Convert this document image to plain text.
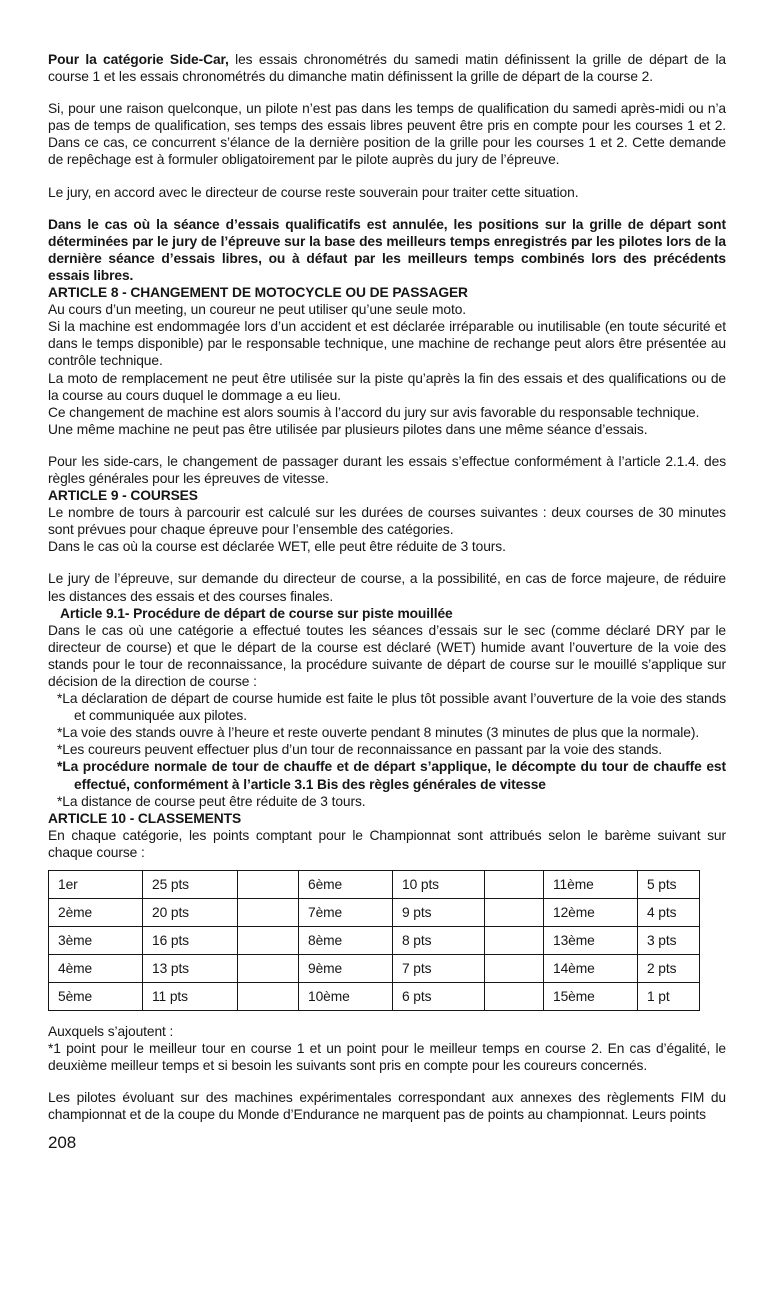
Pour la catégorie Side-Car, les essais chronométrés du samedi matin définissent la grille de départ de la course 1 et les essais chronométrés du dimanche matin définissent la grille de départ de la course 2.

Si, pour une raison quelconque, un pilote n’est pas dans les temps de qualification du samedi après-midi ou n’a pas de temps de qualification, ses temps des essais libres peuvent être pris en compte pour les courses 1 et 2. Dans ce cas, ce concurrent s’élance de la dernière position de la grille pour les courses 1 et 2. Cette demande de repêchage est à formuler obligatoirement par le pilote auprès du jury de l’épreuve.

Le jury, en accord avec le directeur de course reste souverain pour traiter cette situation.

Dans le cas où la séance d’essais qualificatifs est annulée, les positions sur la grille de départ sont déterminées par le jury de l’épreuve sur la base des meilleurs temps enregistrés par les pilotes lors de la dernière séance d’essais libres, ou à défaut par les meilleurs temps combinés lors des précédents essais libres.

ARTICLE 8 - CHANGEMENT DE MOTOCYCLE OU DE PASSAGER

Au cours d’un meeting, un coureur ne peut utiliser qu’une seule moto.

Si la machine est endommagée lors d’un accident et est déclarée irréparable ou inutilisable (en toute sécurité et dans le temps disponible) par le responsable technique, une machine de rechange peut alors être présentée au contrôle technique.

La moto de remplacement ne peut être utilisée sur la piste qu’après la fin des essais et des qualifications ou de la course au cours duquel le dommage a eu lieu.

Ce changement de machine est alors soumis à l’accord du jury sur avis favorable du responsable technique.

Une même machine ne peut pas être utilisée par plusieurs pilotes dans une même séance d’essais.

Pour les side-cars, le changement de passager durant les essais s’effectue conformément à l’article 2.1.4. des règles générales pour les épreuves de vitesse.

ARTICLE 9 - COURSES

Le nombre de tours à parcourir est calculé sur les durées de courses suivantes : deux courses de 30 minutes sont prévues pour chaque épreuve pour l’ensemble des catégories.

Dans le cas où la course est déclarée WET, elle peut être réduite de 3 tours.

Le jury de l’épreuve, sur demande du directeur de course, a la possibilité, en cas de force majeure, de réduire les distances des essais et des courses finales.

Article 9.1- Procédure de départ de course sur piste mouillée

Dans le cas où une catégorie a effectué toutes les séances d’essais sur le sec (comme déclaré DRY par le directeur de course) et que le départ de la course est déclaré (WET) humide avant l’ouverture de la voie des stands pour le tour de reconnaissance, la procédure suivante de départ de course sur le mouillé s’applique sur décision de la direction de course :

*La déclaration de départ de course humide est faite le plus tôt possible avant l’ouverture de la voie des stands et communiquée aux pilotes.

*La voie des stands ouvre à l’heure et reste ouverte pendant 8 minutes (3 minutes de plus que la normale).

*Les coureurs peuvent effectuer plus d’un tour de reconnaissance en passant par la voie des stands.

*La procédure normale de tour de chauffe et de départ s’applique, le décompte du tour de chauffe est effectué, conformément à l’article 3.1 Bis des règles générales de vitesse

*La distance de course peut être réduite de 3 tours.

ARTICLE 10 - CLASSEMENTS

En chaque catégorie, les points comptant pour le Championnat sont attribués selon le barème suivant sur chaque course :

1er	25 pts		6ème	10 pts		11ème	5 pts
2ème	20 pts		7ème	9 pts		12ème	4 pts
3ème	16 pts		8ème	8 pts		13ème	3 pts
4ème	13 pts		9ème	7 pts		14ème	2 pts
5ème	11 pts		10ème	6 pts		15ème	1 pt

Auxquels s’ajoutent :

*1 point pour le meilleur tour en course 1 et un point pour le meilleur temps en course 2. En cas d’égalité, le deuxième meilleur temps et si besoin les suivants sont pris en compte pour les coureurs concernés.

Les pilotes évoluant sur des machines expérimentales correspondant aux annexes des règlements FIM du championnat et de la coupe du Monde d’Endurance ne marquent pas de points au championnat. Leurs points

208
